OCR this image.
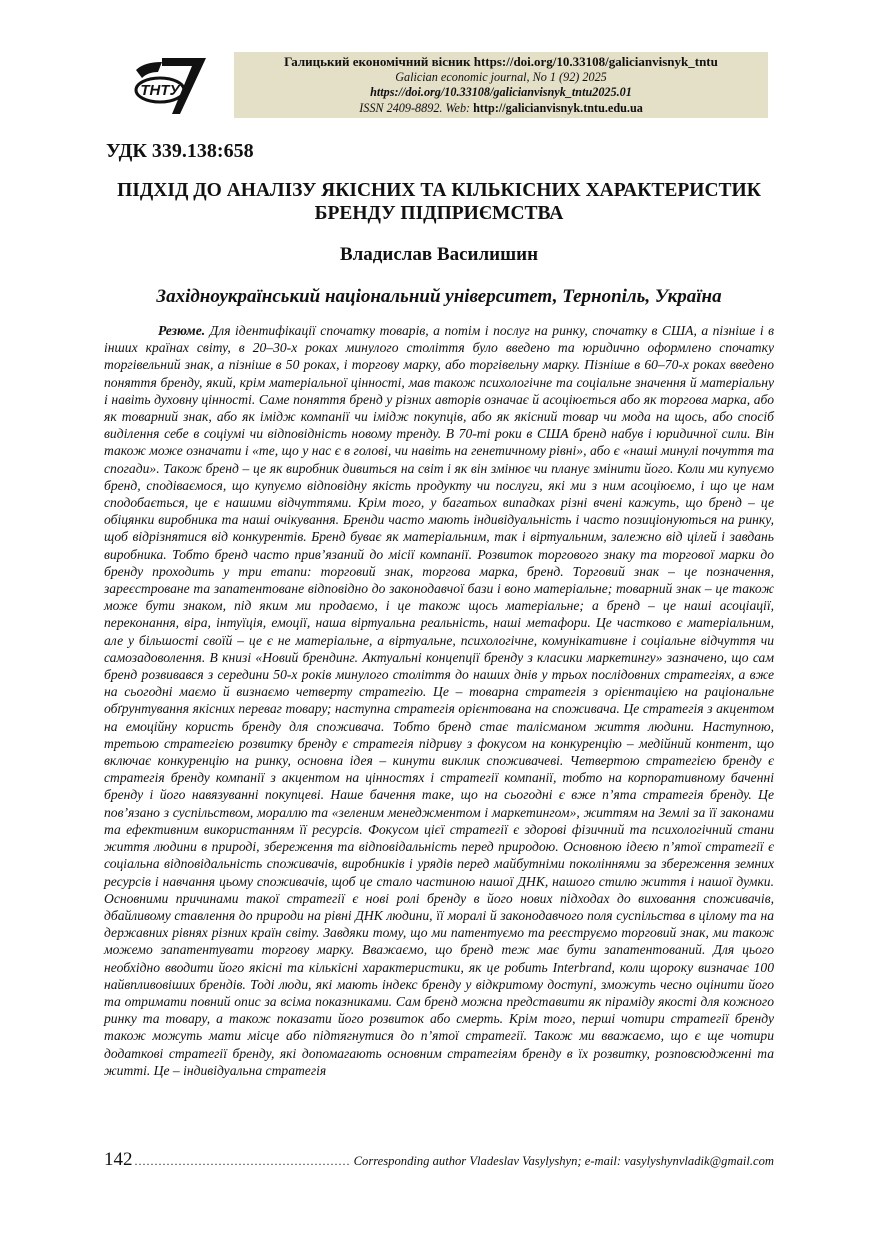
ТНТУ
Галицький економічний вісник https://doi.org/10.33108/galicianvisnyk_tntu
Galician economic journal, No 1 (92) 2025
https://doi.org/10.33108/galicianvisnyk_tntu2025.01
ISSN 2409-8892. Web: http://galicianvisnyk.tntu.edu.ua
УДК 339.138:658
ПІДХІД ДО АНАЛІЗУ ЯКІСНИХ ТА КІЛЬКІСНИХ ХАРАКТЕРИСТИК БРЕНДУ ПІДПРИЄМСТВА
Владислав Василишин
Західноукраїнський національний університет, Тернопіль, Україна

Резюме. Для ідентифікації спочатку товарів, а потім і послуг на ринку, спочатку в США, а пізніше і в інших країнах світу, в 20–30-х роках минулого століття було введено та юридично оформлено спочатку торгівельний знак, а пізніше в 50 роках, і торгову марку, або торгівельну марку. Пізніше в 60–70-х роках введено поняття бренду, який, крім матеріальної цінності, мав також психологічне та соціальне значення й матеріальну і навіть духовну цінності. Саме поняття бренд у різних авторів означає й асоціюється або як торгова марка, або як товарний знак, або як імідж компанії чи імідж покупців, або як якісний товар чи мода на щось, або спосіб виділення себе в соціумі чи відповідність новому тренду. В 70-ті роки в США бренд набув і юридичної сили. Він також може означати і «те, що у нас є в голові, чи навіть на генетичному рівні», або є «наші минулі почуття та спогади». Також бренд – це як виробник дивиться на світ і як він змінює чи планує змінити його. Коли ми купуємо бренд, сподіваємося, що купуємо відповідну якість продукту чи послуги, які ми з ним асоціюємо, і що це нам сподобається, це є нашими відчуттями. Крім того, у багатьох випадках різні вчені кажуть, що бренд – це обіцянки виробника та наші очікування. Бренди часто мають індивідуальність і часто позиціонуються на ринку, щоб відрізнятися від конкурентів. Бренд буває як матеріальним, так і віртуальним, залежно від цілей і завдань виробника. Тобто бренд часто прив’язаний до місії компанії. Розвиток торгового знаку та торгової марки до бренду проходить у три етапи: торговий знак, торгова марка, бренд. Торговий знак – це позначення, зареєстроване та запатентоване відповідно до законодавчої бази і воно матеріальне; товарний знак – це також може бути знаком, під яким ми продаємо, і це також щось матеріальне; а бренд – це наші асоціації, переконання, віра, інтуїція, емоції, наша віртуальна реальність, наші метафори. Це частково є матеріальним, але у більшості своїй – це є не матеріальне, а віртуальне, психологічне, комунікативне і соціальне відчуття чи самозадоволення. В книзі «Новий брендинг. Актуальні концепції бренду з класики маркетингу» зазначено, що сам бренд розвивався з середини 50-х років минулого століття до наших днів у трьох послідовних стратегіях, а вже на сьогодні маємо й визнаємо четверту стратегію. Це – товарна стратегія з орієнтацією на раціональне обґрунтування якісних переваг товару; наступна стратегія орієнтована на споживача. Це стратегія з акцентом на емоційну користь бренду для споживача. Тобто бренд стає талісманом життя людини. Наступною, третьою стратегією розвитку бренду є стратегія підриву з фокусом на конкуренцію – медійний контент, що включає конкуренцію на ринку, основна ідея – кинути виклик споживачеві. Четвертою стратегією бренду є стратегія бренду компанії з акцентом на цінностях і стратегії компанії, тобто на корпоративному баченні бренду і його навязуванні покупцеві. Наше бачення таке, що на сьогодні є вже п’ята стратегія бренду. Це пов’язано з суспільством, мораллю та «зеленим менеджментом і маркетингом», життям на Землі за її законами та ефективним використанням її ресурсів. Фокусом цієї стратегії є здорові фізичний та психологічний стани життя людини в природі, збереження та відповідальність перед природою. Основною ідеєю п’ятої стратегії є соціальна відповідальність споживачів, виробників і урядів перед майбутніми поколіннями за збереження земних ресурсів і навчання цьому споживачів, щоб це стало частиною нашої ДНК, нашого стилю життя і нашої думки. Основними причинами такої стратегії є нові ролі бренду в його нових підходах до виховання споживачів, дбайливому ставлення до природи на рівні ДНК людини, її моралі й законодавчого поля суспільства в цілому та на державних рівнях різних країн світу. Завдяки тому, що ми патентуємо та реєструємо торговий знак, ми також можемо запатентувати торгову марку. Вважаємо, що бренд теж має бути запатентований. Для цього необхідно вводити його якісні та кількісні характеристики, як це робить Interbrand, коли щороку визначає 100 найвпливовіших брендів. Тоді люди, які мають індекс бренду у відкритому доступі, зможуть чесно оцінити його та отримати повний опис за всіма показниками. Сам бренд можна представити як піраміду якості для кожного ринку та товару, а також показати його розвиток або смерть. Крім того, перші чотири стратегії бренду також можуть мати місце або підтягнутися до п’ятої стратегії. Також ми вважаємо, що є ще чотири додаткові стратегії бренду, які допомагають основним стратегіям бренду в їх розвитку, розповсюдженні та житті. Це – індивідуальна стратегія

142
.....	Corresponding author Vladeslav Vasylyshyn; e-mail: vasylyshynvladik@gmail.com
